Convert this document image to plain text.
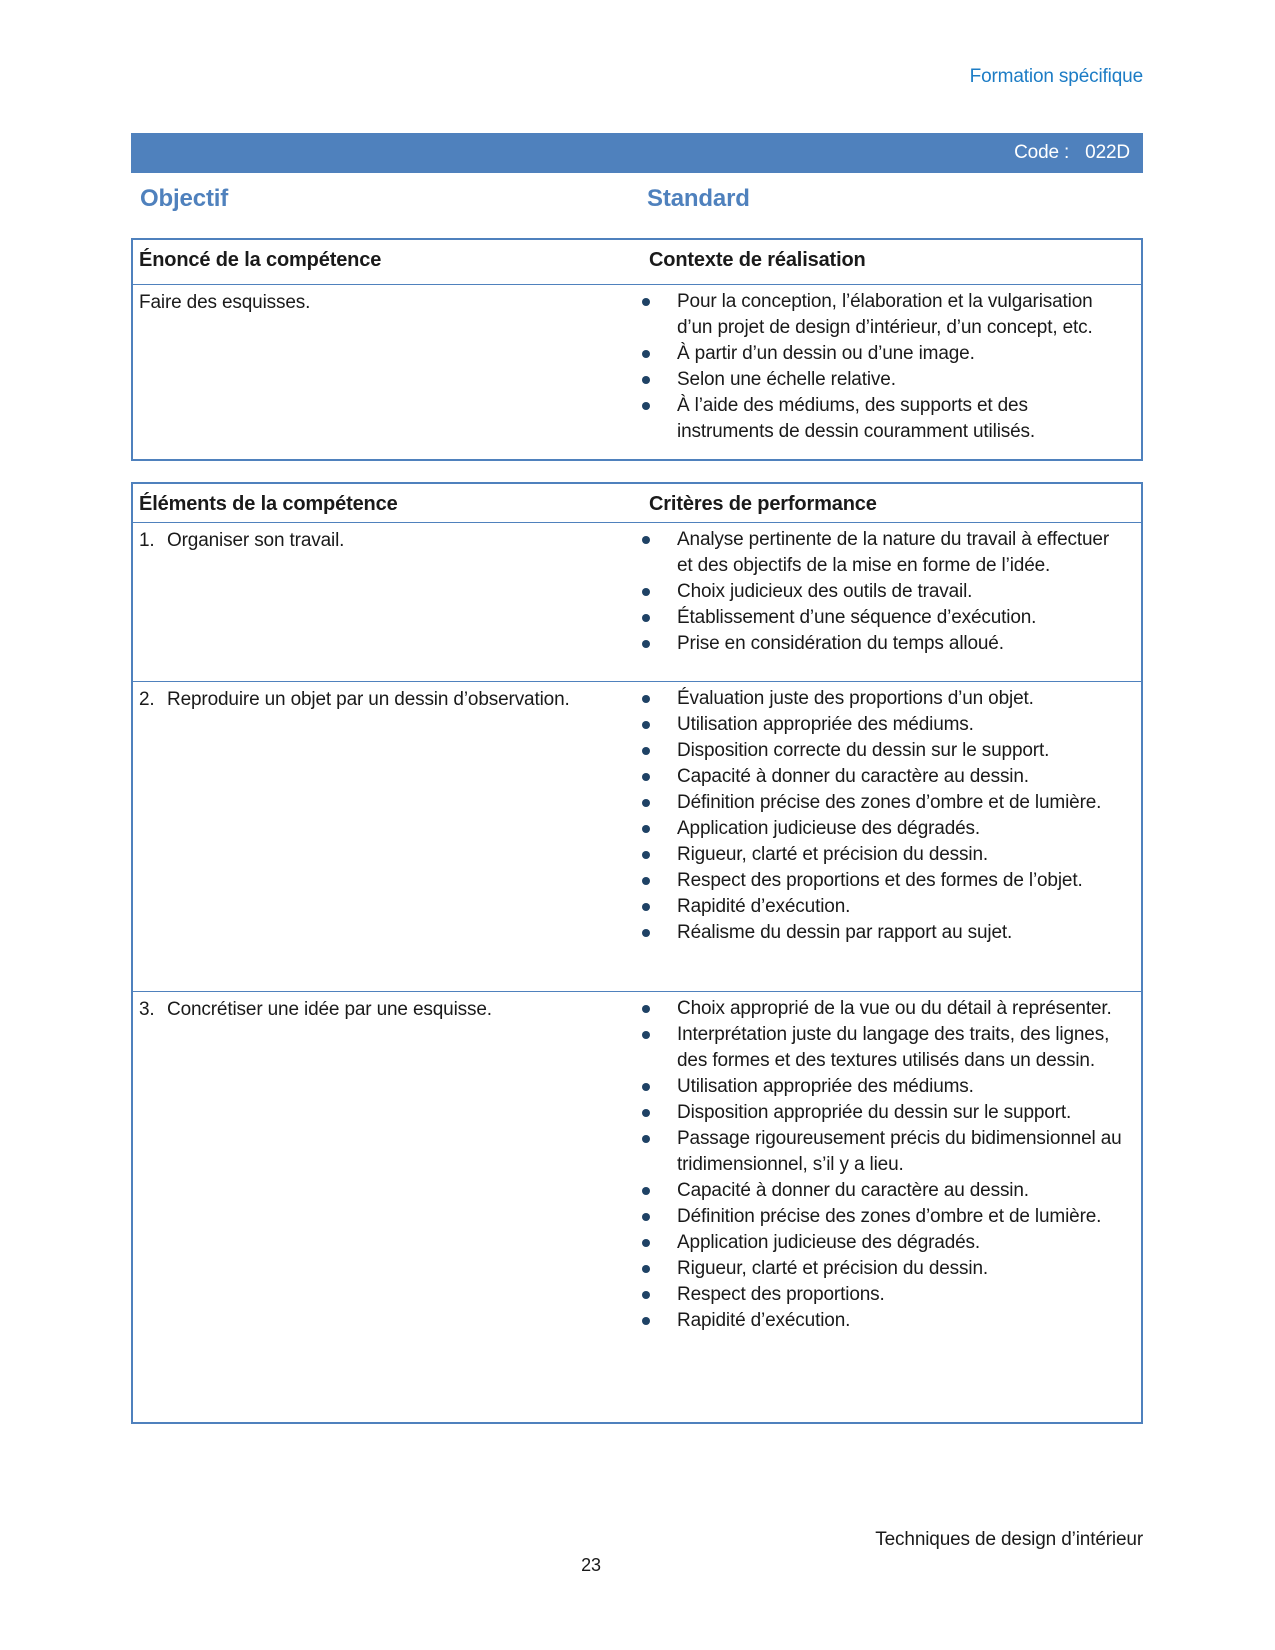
Formation spécifique
Code : 022D
Objectif	Standard
Énoncé de la compétence	Contexte de réalisation
Faire des esquisses.	Pour la conception, l’élaboration et la vulgarisation d’un projet de design d’intérieur, d’un concept, etc.
À partir d’un dessin ou d’une image.
Selon une échelle relative.
À l’aide des médiums, des supports et des instruments de dessin couramment utilisés.
Éléments de la compétence	Critères de performance
1. Organiser son travail.	Analyse pertinente de la nature du travail à effectuer et des objectifs de la mise en forme de l’idée.
Choix judicieux des outils de travail.
Établissement d’une séquence d’exécution.
Prise en considération du temps alloué.
2. Reproduire un objet par un dessin d’observation.	Évaluation juste des proportions d’un objet.
Utilisation appropriée des médiums.
Disposition correcte du dessin sur le support.
Capacité à donner du caractère au dessin.
Définition précise des zones d’ombre et de lumière.
Application judicieuse des dégradés.
Rigueur, clarté et précision du dessin.
Respect des proportions et des formes de l’objet.
Rapidité d’exécution.
Réalisme du dessin par rapport au sujet.
3. Concrétiser une idée par une esquisse.	Choix approprié de la vue ou du détail à représenter.
Interprétation juste du langage des traits, des lignes, des formes et des textures utilisés dans un dessin.
Utilisation appropriée des médiums.
Disposition appropriée du dessin sur le support.
Passage rigoureusement précis du bidimensionnel au tridimensionnel, s’il y a lieu.
Capacité à donner du caractère au dessin.
Définition précise des zones d’ombre et de lumière.
Application judicieuse des dégradés.
Rigueur, clarté et précision du dessin.
Respect des proportions.
Rapidité d’exécution.
Techniques de design d’intérieur
23
